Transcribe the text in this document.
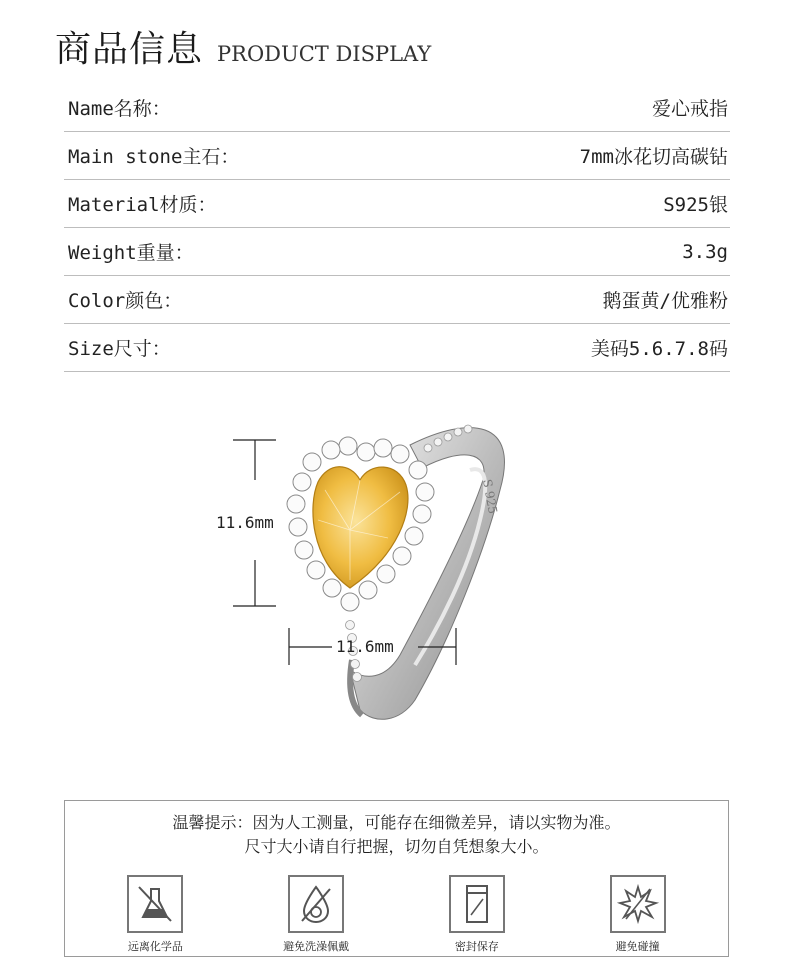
商品信息 PRODUCT DISPLAY
Name名称：	爱心戒指
Main stone主石：	7mm冰花切高碳钻
Material材质：	S925银
Weight重量：	3.3g
Color颜色：	鹅蛋黄/优雅粉
Size尺寸：	美码5.6.7.8码
S 925
11.6mm
11.6mm
温馨提示：因为人工测量，可能存在细微差异，请以实物为准。
尺寸大小请自行把握，切勿自凭想象大小。
远离化学品	避免洗澡佩戴	密封保存	避免碰撞
